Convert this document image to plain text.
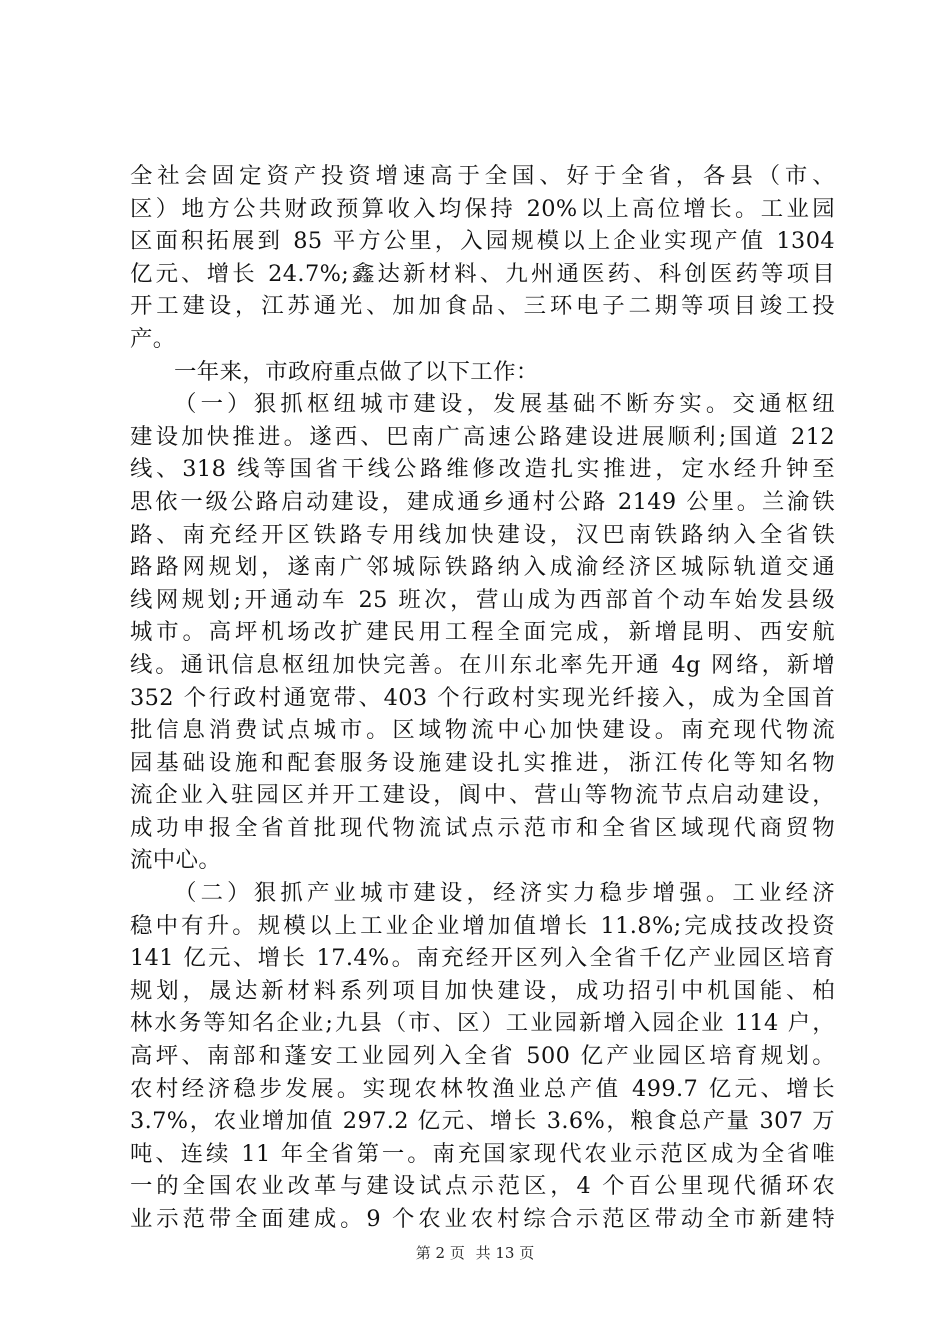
全社会固定资产投资增速高于全国、好于全省，各县（市、
区）地方公共财政预算收入均保持 20%以上高位增长。工业园
区面积拓展到 85 平方公里，入园规模以上企业实现产值 1304
亿元、增长 24.7%;鑫达新材料、九州通医药、科创医药等项目
开工建设，江苏通光、加加食品、三环电子二期等项目竣工投
产。
一年来，市政府重点做了以下工作：
（一）狠抓枢纽城市建设，发展基础不断夯实。交通枢纽
建设加快推进。遂西、巴南广高速公路建设进展顺利;国道 212
线、318 线等国省干线公路维修改造扎实推进，定水经升钟至
思依一级公路启动建设，建成通乡通村公路 2149 公里。兰渝铁
路、南充经开区铁路专用线加快建设，汉巴南铁路纳入全省铁
路路网规划，遂南广邻城际铁路纳入成渝经济区城际轨道交通
线网规划;开通动车 25 班次，营山成为西部首个动车始发县级
城市。高坪机场改扩建民用工程全面完成，新增昆明、西安航
线。通讯信息枢纽加快完善。在川东北率先开通 4g 网络，新增
352 个行政村通宽带、403 个行政村实现光纤接入，成为全国首
批信息消费试点城市。区域物流中心加快建设。南充现代物流
园基础设施和配套服务设施建设扎实推进，浙江传化等知名物
流企业入驻园区并开工建设，阆中、营山等物流节点启动建设，
成功申报全省首批现代物流试点示范市和全省区域现代商贸物
流中心。
（二）狠抓产业城市建设，经济实力稳步增强。工业经济
稳中有升。规模以上工业企业增加值增长 11.8%;完成技改投资
141 亿元、增长 17.4%。南充经开区列入全省千亿产业园区培育
规划，晟达新材料系列项目加快建设，成功招引中机国能、柏
林水务等知名企业;九县（市、区）工业园新增入园企业 114 户，
高坪、南部和蓬安工业园列入全省 500 亿产业园区培育规划。
农村经济稳步发展。实现农林牧渔业总产值 499.7 亿元、增长
3.7%，农业增加值 297.2 亿元、增长 3.6%，粮食总产量 307 万
吨、连续 11 年全省第一。南充国家现代农业示范区成为全省唯
一的全国农业改革与建设试点示范区，4 个百公里现代循环农
业示范带全面建成。9 个农业农村综合示范区带动全市新建特
第 2 页 共 13 页
